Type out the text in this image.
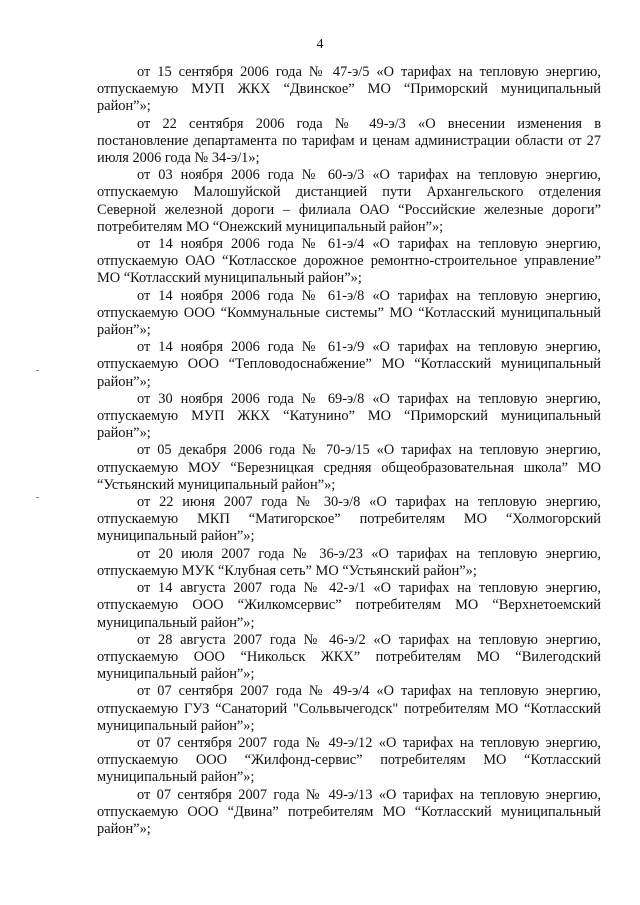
4

от 15 сентября 2006 года № 47-э/5 «О тарифах на тепловую энергию, отпускаемую МУП ЖКХ “Двинское” МО “Приморский муниципальный район”»;

от 22 сентября 2006 года № 49-э/3 «О внесении изменения в постановление департамента по тарифам и ценам администрации области от 27 июля 2006 года № 34-э/1»;

от 03 ноября 2006 года № 60-э/3 «О тарифах на тепловую энергию, отпускаемую Малошуйской дистанцией пути Архангельского отделения Северной железной дороги – филиала ОАО “Российские железные дороги” потребителям МО “Онежский муниципальный район”»;

от 14 ноября 2006 года № 61-э/4 «О тарифах на тепловую энергию, отпускаемую ОАО “Котласское дорожное ремонтно-строительное управление” МО “Котласский муниципальный район”»;

от 14 ноября 2006 года № 61-э/8 «О тарифах на тепловую энергию, отпускаемую ООО “Коммунальные системы” МО “Котласский муниципальный район”»;

от 14 ноября 2006 года № 61-э/9 «О тарифах на тепловую энергию, отпускаемую ООО “Тепловодоснабжение” МО “Котласский муниципальный район”»;

от 30 ноября 2006 года № 69-э/8 «О тарифах на тепловую энергию, отпускаемую МУП ЖКХ “Катунино” МО “Приморский муниципальный район”»;

от 05 декабря 2006 года № 70-э/15 «О тарифах на тепловую энергию, отпускаемую МОУ “Березницкая средняя общеобразовательная школа” МО “Устьянский муниципальный район”»;

от 22 июня 2007 года № 30-э/8 «О тарифах на тепловую энергию, отпускаемую МКП “Матигорское” потребителям МО “Холмогорский муниципальный район”»;

от 20 июля 2007 года № 36-э/23 «О тарифах на тепловую энергию, отпускаемую МУК “Клубная сеть” МО “Устьянский район”»;

от 14 августа 2007 года № 42-э/1 «О тарифах на тепловую энергию, отпускаемую ООО “Жилкомсервис” потребителям МО “Верхнетоемский муниципальный район”»;

от 28 августа 2007 года № 46-э/2 «О тарифах на тепловую энергию, отпускаемую ООО “Никольск ЖКХ” потребителям МО “Вилегодский муниципальный район”»;

от 07 сентября 2007 года № 49-э/4 «О тарифах на тепловую энергию, отпускаемую ГУЗ “Санаторий "Сольвычегодск" потребителям МО “Котласский муниципальный район”»;

от 07 сентября 2007 года № 49-э/12 «О тарифах на тепловую энергию, отпускаемую ООО “Жилфонд-сервис” потребителям МО “Котласский муниципальный район”»;

от 07 сентября 2007 года № 49-э/13 «О тарифах на тепловую энергию, отпускаемую ООО “Двина” потребителям МО “Котласский муниципальный район”»;
